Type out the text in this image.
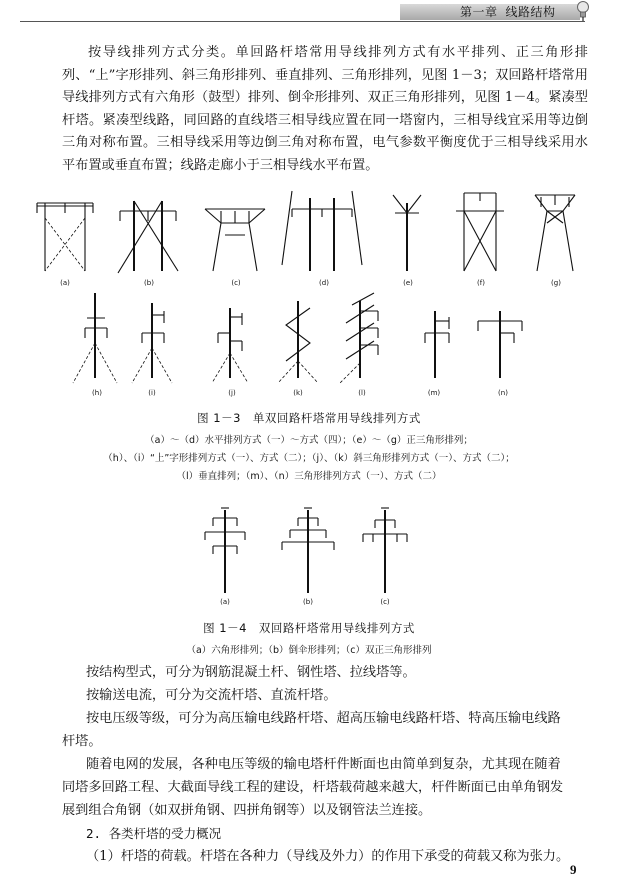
第一章 线路结构

按导线排列方式分类。单回路杆塔常用导线排列方式有水平排列、正三角形排列、“上”字形排列、斜三角形排列、垂直排列、三角形排列，见图 1－3；双回路杆塔常用导线排列方式有六角形（鼓型）排列、倒伞形排列、双正三角形排列，见图 1－4。紧凑型杆塔。紧凑型线路，同回路的直线塔三相导线应置在同一塔窗内，三相导线宜采用等边倒三角对称布置。三相导线采用等边倒三角对称布置，电气参数平衡度优于三相导线采用水平布置或垂直布置；线路走廊小于三相导线水平布置。

(a)	(b)	(c)	(d)	(e)	(f)	(g)
(h)	(i)	(j)	(k)	(l)	(m)	(n)
图 1－3　单双回路杆塔常用导线排列方式
（a）～（d）水平排列方式（一）～方式（四）；（e）～（g）正三角形排列；
（h）、（i）“上”字形排列方式（一）、方式（二）；（j）、（k）斜三角形排列方式（一）、方式（二）；
（l）垂直排列；（m）、（n）三角形排列方式（一）、方式（二）
(a)	(b)	(c)
图 1－4　双回路杆塔常用导线排列方式
（a）六角形排列；（b）倒伞形排列；（c）双正三角形排列
按结构型式，可分为钢筋混凝土杆、钢性塔、拉线塔等。
按输送电流，可分为交流杆塔、直流杆塔。
按电压级等级，可分为高压输电线路杆塔、超高压输电线路杆塔、特高压输电线路
杆塔。
随着电网的发展，各种电压等级的输电塔杆件断面也由简单到复杂，尤其现在随着
同塔多回路工程、大截面导线工程的建设，杆塔载荷越来越大，杆件断面已由单角钢发
展到组合角钢（如双拼角钢、四拼角钢等）以及钢管法兰连接。
2. 各类杆塔的受力概况
（1）杆塔的荷载。杆塔在各种力（导线及外力）的作用下承受的荷载又称为张力。
9
